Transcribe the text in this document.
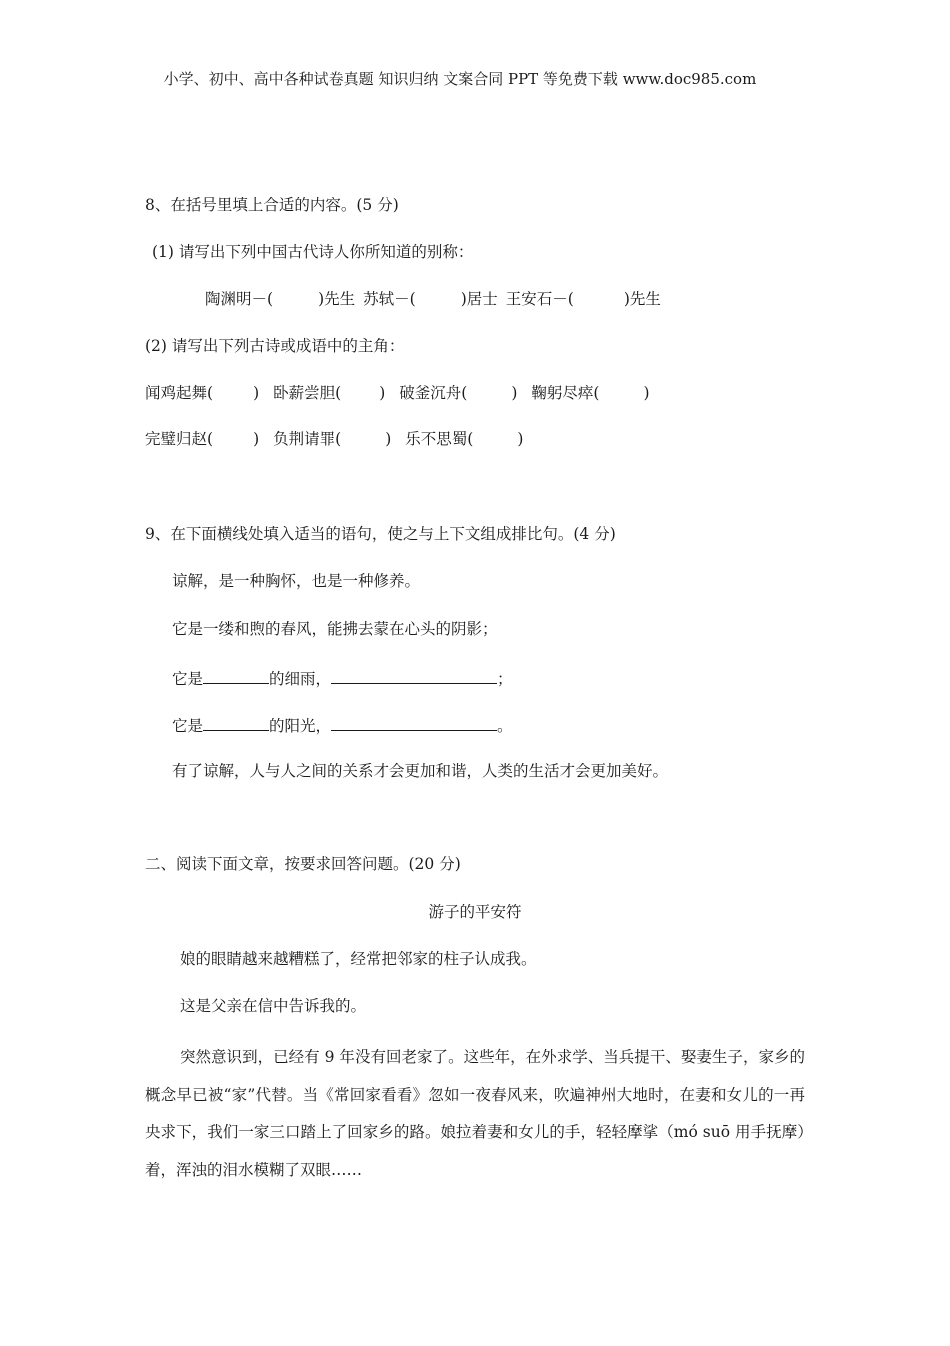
小学、初中、高中各种试卷真题 知识归纳 文案合同 PPT 等免费下载 www.doc985.com
8、在括号里填上合适的内容。(5 分)
(1) 请写出下列中国古代诗人你所知道的别称：
陶渊明－(	)先生 苏轼－(	)居士 王安石－(	)先生
(2) 请写出下列古诗或成语中的主角：
闻鸡起舞(	) 卧薪尝胆( ) 破釜沉舟(	) 鞠躬尽瘁(	)
完璧归赵(	) 负荆请罪(	) 乐不思蜀(	)
9、在下面横线处填入适当的语句，使之与上下文组成排比句。(4 分)
谅解，是一种胸怀，也是一种修养。
它是一缕和煦的春风，能拂去蒙在心头的阴影；
它是	的细雨，	；
它是	的阳光，	。
有了谅解，人与人之间的关系才会更加和谐，人类的生活才会更加美好。
二、阅读下面文章，按要求回答问题。(20 分)
游子的平安符
娘的眼睛越来越糟糕了，经常把邻家的柱子认成我。
这是父亲在信中告诉我的。
突然意识到，已经有 9 年没有回老家了。这些年，在外求学、当兵提干、娶妻生子，家乡的概念早已被“家”代替。当《常回家看看》忽如一夜春风来，吹遍神州大地时，在妻和女儿的一再央求下，我们一家三口踏上了回家乡的路。娘拉着妻和女儿的手，轻轻摩挲（mó suō 用手抚摩）着，浑浊的泪水模糊了双眼……
